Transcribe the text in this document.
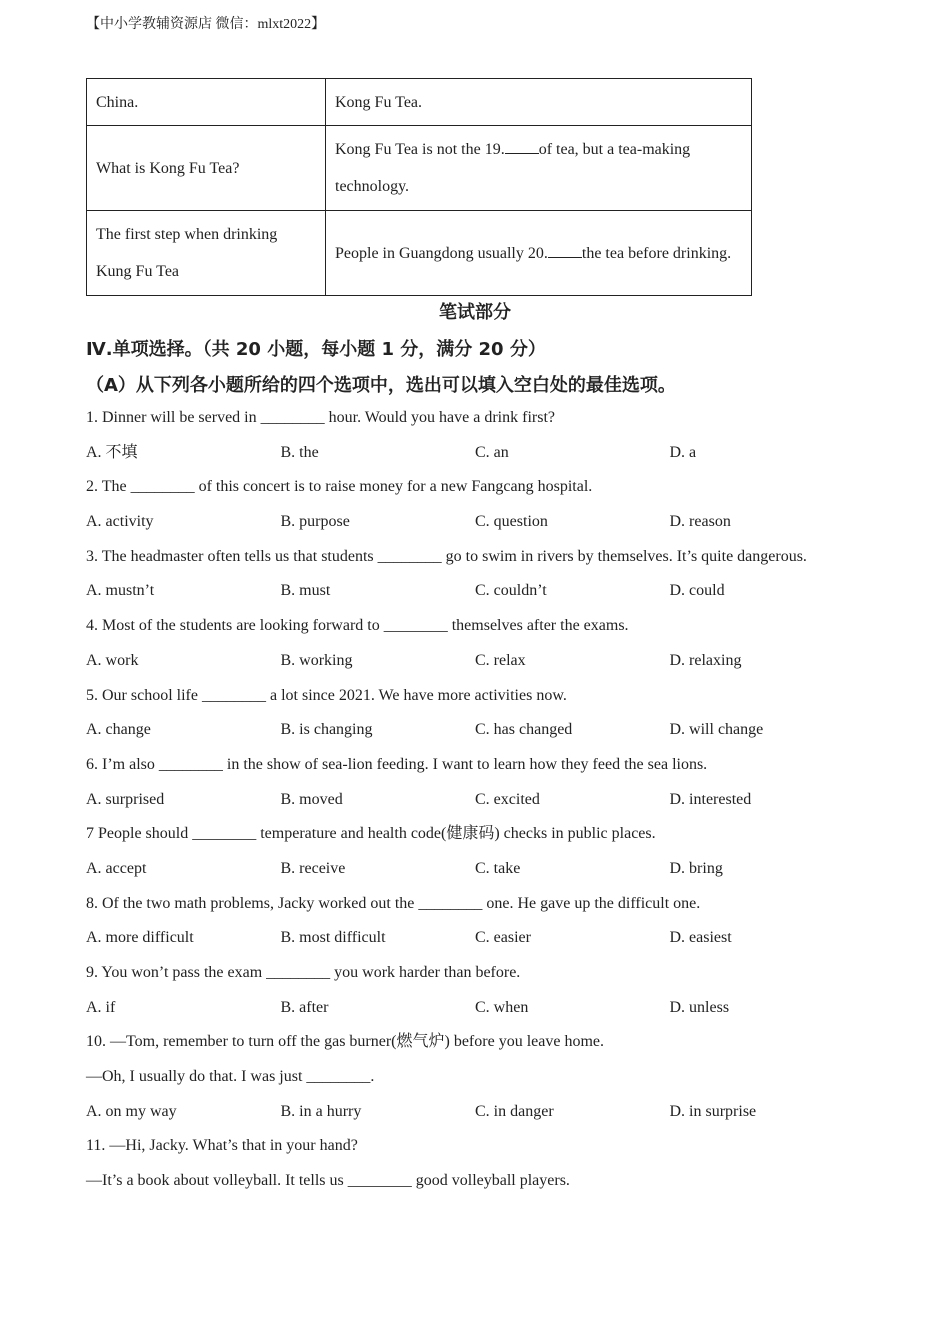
【中小学教辅资源店 微信：mlxt2022】
China.	Kong Fu Tea.
What is Kong Fu Tea?	Kong Fu Tea is not the 19. of tea, but a tea-making technology.
The first step when drinking Kung Fu Tea	People in Guangdong usually 20. the tea before drinking.
笔试部分
Ⅳ.单项选择。（共 20 小题，每小题 1 分，满分 20 分）
（A）从下列各小题所给的四个选项中，选出可以填入空白处的最佳选项。
1. Dinner will be served in ________ hour. Would you have a drink first?
A. 不填	B. the	C. an	D. a
2. The ________ of this concert is to raise money for a new Fangcang hospital.
A. activity	B. purpose	C. question	D. reason
3. The headmaster often tells us that students ________ go to swim in rivers by themselves. It’s quite dangerous.
A. mustn’t	B. must	C. couldn’t	D. could
4. Most of the students are looking forward to ________ themselves after the exams.
A. work	B. working	C. relax	D. relaxing
5. Our school life ________ a lot since 2021. We have more activities now.
A. change	B. is changing	C. has changed	D. will change
6. I’m also ________ in the show of sea-lion feeding. I want to learn how they feed the sea lions.
A. surprised	B. moved	C. excited	D. interested
7 People should ________ temperature and health code(健康码) checks in public places.
A. accept	B. receive	C. take	D. bring
8. Of the two math problems, Jacky worked out the ________ one. He gave up the difficult one.
A. more difficult	B. most difficult	C. easier	D. easiest
9. You won’t pass the exam ________ you work harder than before.
A. if	B. after	C. when	D. unless
10. —Tom, remember to turn off the gas burner(燃气炉) before you leave home.
—Oh, I usually do that. I was just ________.
A. on my way	B. in a hurry	C. in danger	D. in surprise
11. —Hi, Jacky. What’s that in your hand?
—It’s a book about volleyball. It tells us ________ good volleyball players.
